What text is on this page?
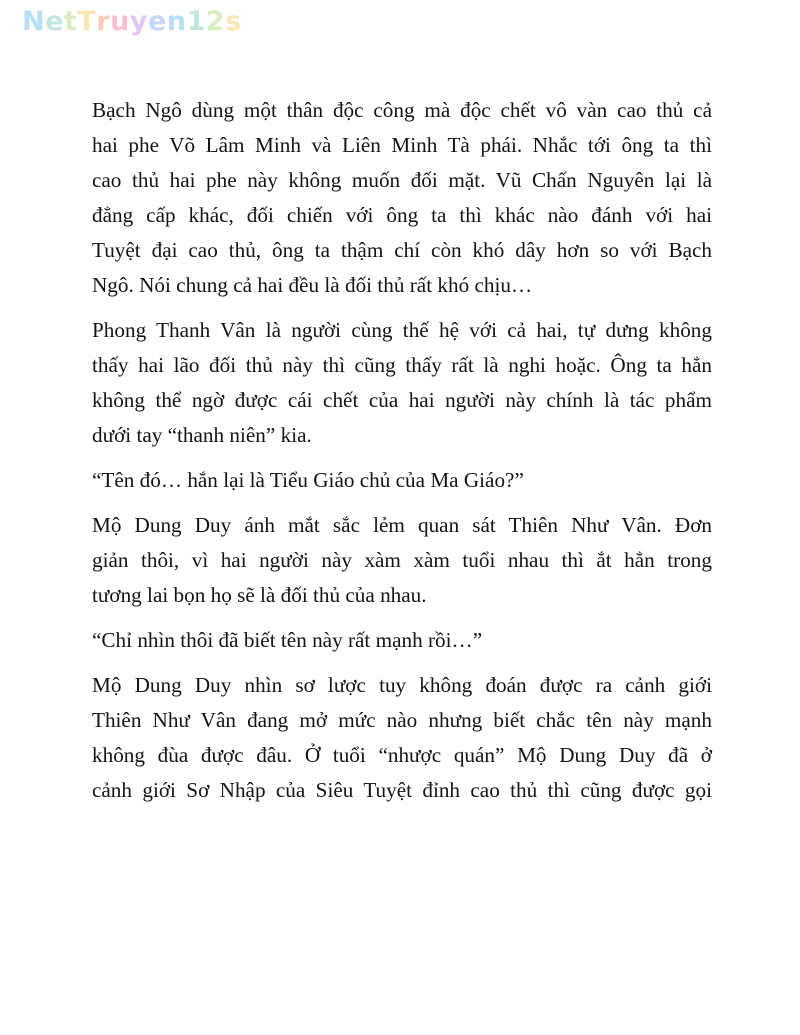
NetTruyen12s

Bạch Ngô dùng một thân độc công mà độc chết vô vàn cao thủ cả
hai phe Võ Lâm Minh và Liên Minh Tà phái. Nhắc tới ông ta thì
cao thủ hai phe này không muốn đối mặt. Vũ Chấn Nguyên lại là
đẳng cấp khác, đối chiến với ông ta thì khác nào đánh với hai
Tuyệt đại cao thủ, ông ta thậm chí còn khó dây hơn so với Bạch
Ngô. Nói chung cả hai đều là đối thủ rất khó chịu…

Phong Thanh Vân là người cùng thế hệ với cả hai, tự dưng không
thấy hai lão đối thủ này thì cũng thấy rất là nghi hoặc. Ông ta hẳn
không thể ngờ được cái chết của hai người này chính là tác phẩm
dưới tay “thanh niên” kia.

“Tên đó… hắn lại là Tiểu Giáo chủ của Ma Giáo?”

Mộ Dung Duy ánh mắt sắc lẻm quan sát Thiên Như Vân. Đơn
giản thôi, vì hai người này xàm xàm tuổi nhau thì ắt hẳn trong
tương lai bọn họ sẽ là đối thủ của nhau.

“Chỉ nhìn thôi đã biết tên này rất mạnh rồi…”

Mộ Dung Duy nhìn sơ lược tuy không đoán được ra cảnh giới
Thiên Như Vân đang mở mức nào nhưng biết chắc tên này mạnh
không đùa được đâu. Ở tuổi “nhược quán” Mộ Dung Duy đã ở
cảnh giới Sơ Nhập của Siêu Tuyệt đỉnh cao thủ thì cũng được gọi
